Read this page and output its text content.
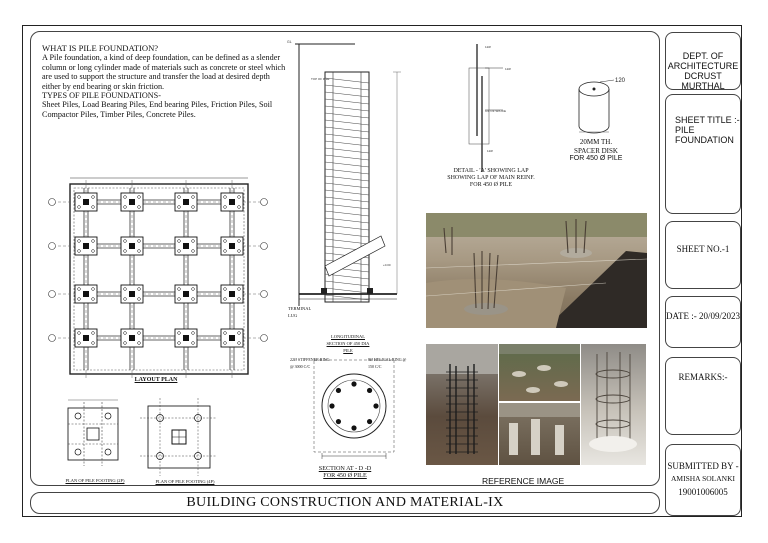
WHAT IS PILE FOUNDATION?

A Pile foundation, a kind of deep foundation, can be defined as a slender column or long cylinder made of materials such as concrete or steel which are used to support the structure and transfer the load at desired depth either by end bearing or skin friction.

TYPES OF PILE FOUNDATIONS-

Sheet Piles, Load Bearing Piles, End bearing Piles, Friction Piles, Soil Compactor Piles, Timber Piles, Concrete Piles.

LAYOUT PLAN
PLAN OF PILE FOOTING (2P)	PLAN OF PILE FOOTING (4P)
+0.00
TOP OF PILE
GL
TERMINAL LUG
LONGITUDINAL SECTION OF 450 DIA PILE
22Ø STIFFENER RING @ 3000 C/C
8Ø HELICAL RING @ 150 C/C
SECTION AT - D -D
FOR 450 Ø PILE
12Ø
C/L OF SPLICE
12Ø
12Ø
DETAIL - 'A' SHOWING LAP
SHOWING LAP OF MAIN REINF.
FOR 450 Ø PILE
120
20MM TH.
SPACER DISK
FOR 450 Ø PILE
REFERENCE IMAGE
BUILDING CONSTRUCTION AND MATERIAL-IX
DEPT. OF ARCHITECTURE DCRUST MURTHAL
SHEET TITLE :- PILE FOUNDATION
SHEET NO.-1
DATE :- 20/09/2023
REMARKS:-
SUBMITTED BY -
AMISHA SOLANKI
19001006005
